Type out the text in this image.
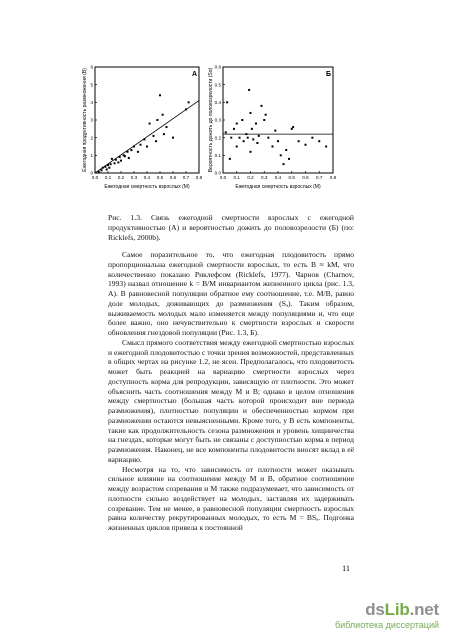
0.0 0.1 0.2 0.3 0.4 0.5 0.6 0.7 0.8
0
1
2
3
4
5
6
А
Ежегодная смертность взрослых (М)
Ежегодная продуктивность размножения (В)
0.0 0.1 0.2 0.3 0.4 0.5 0.6 0.7 0.8
0.0
0.1
0.2
0.3
0.4
0.5
0.6
Б
Ежегодная смертность взрослых (М)
Вероятность дожить до половозрелости (Sα)
Рис. 1.3. Связь ежегодной смертности взрослых с ежегодной продуктивностью (А) и вероятностью дожить до половозрелости (Б) (по: Ricklefs, 2000b).

Самое поразительное то, что ежегодная плодовитость прямо пропорциональна ежегодной смертности взрослых, то есть B ≈ kM, что количественно показано Риклефсом (Ricklefs, 1977). Чарнов (Charnov, 1993) назвал отношение k = B/M инвариантом жизненного цикла (рис. 1.3, А). В равновесной популяции обратное ему соотношение, т.е. M/B, равно доле молодых, доживающих до размножения (Sₐ). Таким образом, выживаемость молодых мало изменяется между популяциями и, что еще более важно, оно нечувствительно к смертности взрослых и скорости обновления гнездовой популяции (Рис. 1.3, Б).

Смысл прямого соответствия между ежегодной смертностью взрослых и ежегодной плодовитостью с точки зрения возможностей, представленных в общих чертах на рисунке 1.2, не ясен. Предполагалось, что плодовитость может быть реакцией на вариацию смертности взрослых через доступность корма для репродукции, зависящую от плотности. Это может объяснить часть соотношения между M и B; однако в целом отношения между смертностью (большая часть которой происходит вне периода размножения), плотностью популяции и обеспеченностью кормом при размножении остаются невыясненными. Кроме того, у B есть компоненты, такие как продолжительность сезона размножения и уровень хищничества на гнездах, которые могут быть не связаны с доступностью корма в период размножения. Наконец, не все компоненты плодовитости вносят вклад в её вариацию.

Несмотря на то, что зависимость от плотности может оказывать сильное влияние на соотношение между M и B, обратное соотношение между возрастом созревания и M также подразумевает, что зависимость от плотности сильно воздействует на молодых, заставляя их задерживать созревание. Тем не менее, в равновесной популяции смертность взрослых равна количеству рекрутированных молодых, то есть M = BSₐ. Подгонка жизненных циклов привела к постоянной

11
dsLib.net
библиотека диссертаций
